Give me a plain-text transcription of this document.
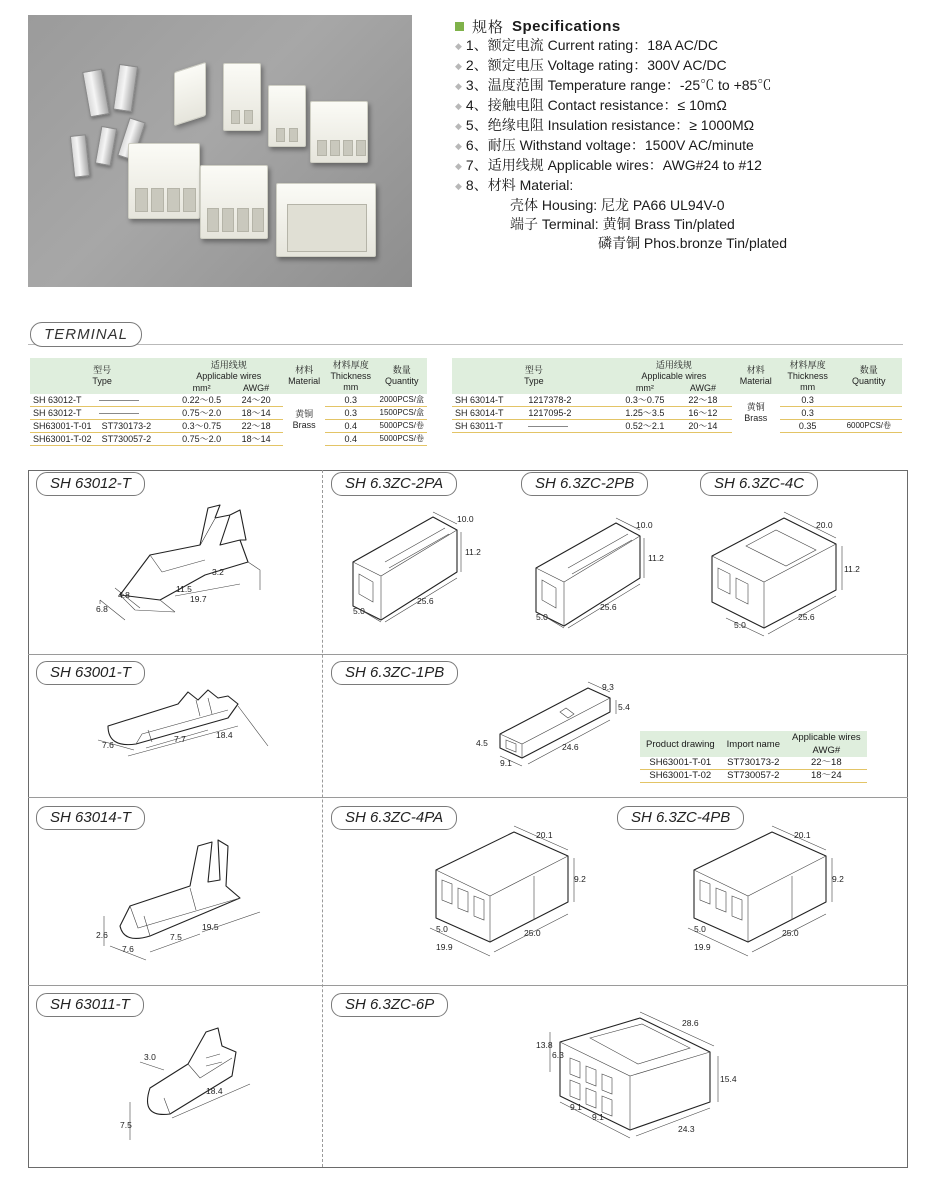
规格 Specifications
◆ 1、额定电流 Current rating：18A AC/DC
◆ 2、额定电压 Voltage rating：300V AC/DC
◆ 3、温度范围 Temperature range：-25℃ to +85℃
◆ 4、接触电阻 Contact resistance：≤ 10mΩ
◆ 5、绝缘电阻 Insulation resistance：≥ 1000MΩ
◆ 6、耐压 Withstand voltage：1500V AC/minute
◆ 7、适用线规 Applicable wires：AWG#24 to #12
◆ 8、材料 Material:
壳体 Housing: 尼龙 PA66 UL94V-0
端子 Terminal: 黄铜 Brass Tin/plated
磷青铜 Phos.bronze Tin/plated
TERMINAL
型号
Type	适用线规
Applicable wires		材料
Material	材料厚度
Thickness
mm	数量
Quantity
	mm²	AWG#			
SH 63012-T	0.22～0.5	24～20	黄铜
Brass	0.3	2000PCS/盒
SH 63012-T	0.75～2.0	18～14		0.3	1500PCS/盒
SH63001-T-01 ST730173-2	0.3～0.75	22～18		0.4	5000PCS/卷
SH63001-T-02 ST730057-2	0.75～2.0	18～14		0.4	5000PCS/卷
型号
Type	适用线规
Applicable wires		材料
Material	材料厚度
Thickness
mm	数量
Quantity
	mm²	AWG#			
SH 63014-T 1217378-2	0.3～0.75	22～18	黄铜
Brass	0.3	
SH 63014-T 1217095-2	1.25～3.5	16～12		0.3	
SH 63011-T	0.52～2.1	20～14		0.35	6000PCS/卷
SH 63012-T	SH 6.3ZC-2PA	SH 6.3ZC-2PB	SH 6.3ZC-4C
SH 63001-T	SH 6.3ZC-1PB
SH 63014-T	SH 6.3ZC-4PA	SH 6.3ZC-4PB
SH 63011-T	SH 6.3ZC-6P
6.8
4.8
11.5
19.7
3.2
10.0
11.2
5.0
25.6
10.0
11.2
5.0
25.6
20.0
11.2
5.0
25.6
7.6
7.7	18.4
9.3
5.4
4.5
9.1
24.6	Product drawing	Import name	Applicable wires
		AWG#
SH63001-T-01	ST730173-2	22～18
SH63001-T-02	ST730057-2	18～24
2.6
7.6
7.5
19.5
20.1
9.2
5.0
19.9
25.0
20.1
9.2
5.0
19.9
25.0
3.0
18.4
7.5
28.6
13.8
6.3
15.4
9.1
9.1
24.3
